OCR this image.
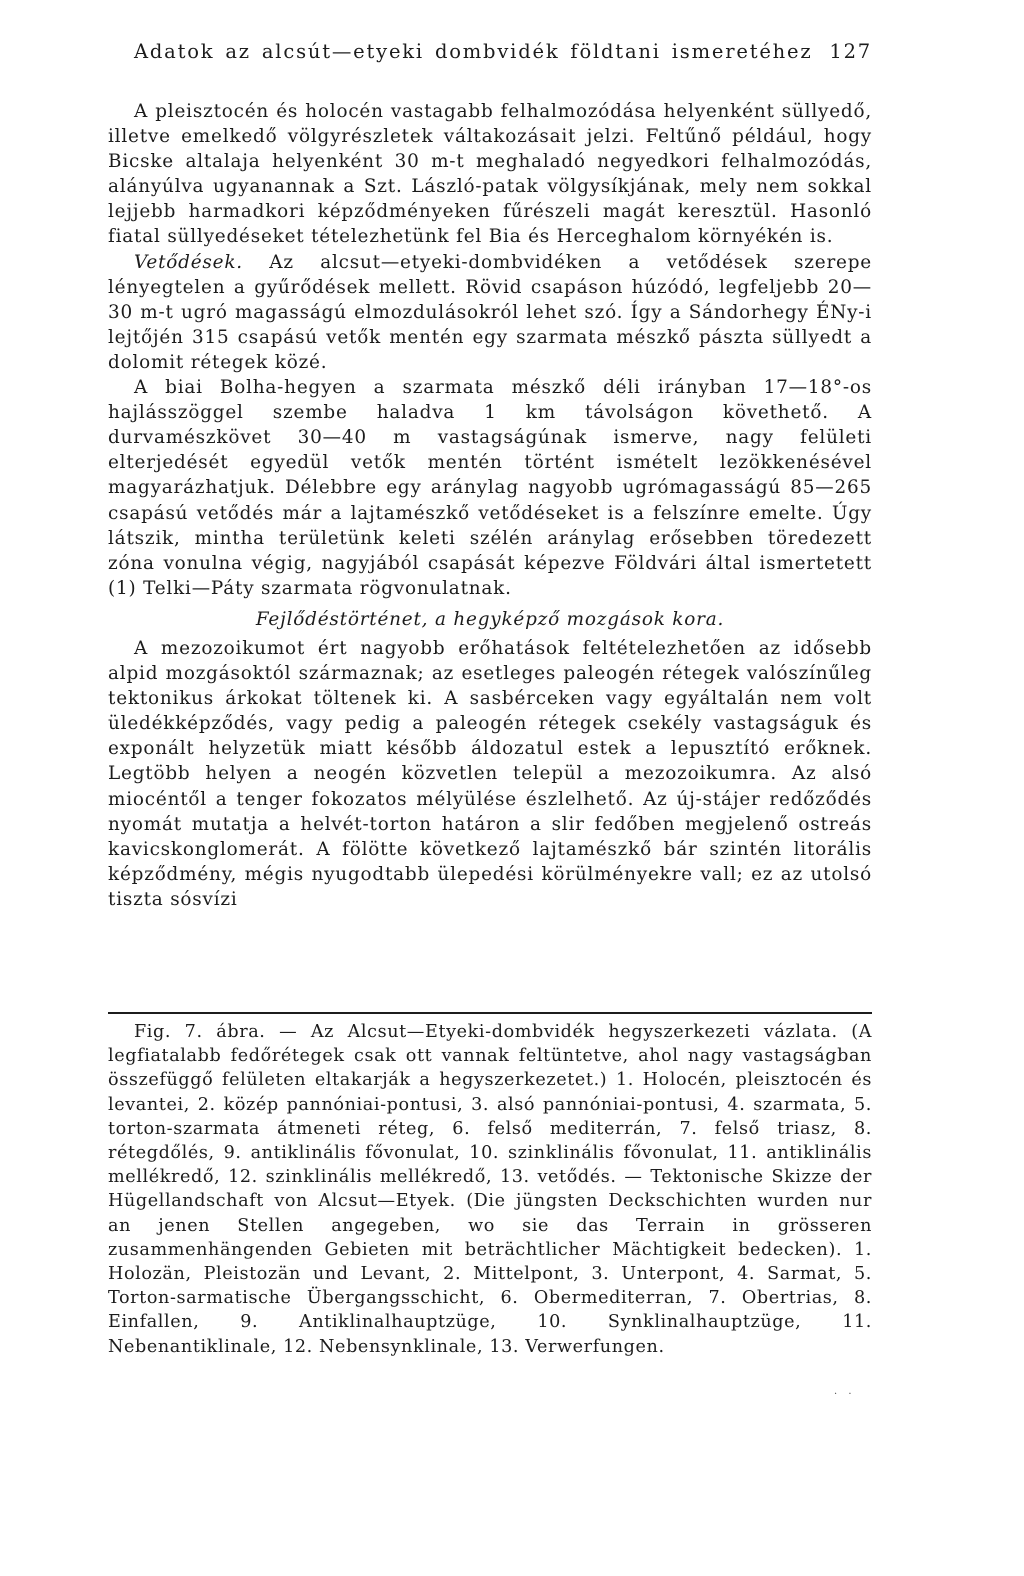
Adatok az alcsút—etyeki dombvidék földtani ismeretéhez 127

A pleisztocén és holocén vastagabb felhalmozódása helyenként süllyedő, illetve emelkedő völgyrészletek váltakozásait jelzi. Feltűnő például, hogy Bicske altalaja helyenként 30 m-t meghaladó negyedkori felhalmozódás, alányúlva ugyanannak a Szt. László-patak völgysíkjának, mely nem sokkal lejjebb harmadkori képződményeken fűrészeli magát keresztül. Hasonló fiatal süllyedéseket tételezhetünk fel Bia és Herceghalom környékén is.

Vetődések. Az alcsut—etyeki-dombvidéken a vetődések szerepe lényegtelen a gyűrődések mellett. Rövid csapáson húzódó, legfeljebb 20—30 m-t ugró magasságú elmozdulásokról lehet szó. Így a Sándorhegy ÉNy-i lejtőjén 315 csapású vetők mentén egy szarmata mészkő pászta süllyedt a dolomit rétegek közé.

A biai Bolha-hegyen a szarmata mészkő déli irányban 17—18°-os hajlásszöggel szembe haladva 1 km távolságon követhető. A durvamészkövet 30—40 m vastagságúnak ismerve, nagy felületi elterjedését egyedül vetők mentén történt ismételt lezökkenésével magyarázhatjuk. Délebbre egy aránylag nagyobb ugrómagasságú 85—265 csapású vetődés már a lajtamészkő vetődéseket is a felszínre emelte. Úgy látszik, mintha területünk keleti szélén aránylag erősebben töredezett zóna vonulna végig, nagyjából csapását képezve Földvári által ismertetett (1) Telki—Páty szarmata rögvonulatnak.

Fejlődéstörténet, a hegyképző mozgások kora.

A mezozoikumot ért nagyobb erőhatások feltételezhetően az idősebb alpid mozgásoktól származnak; az esetleges paleogén rétegek valószínűleg tektonikus árkokat töltenek ki. A sasbérceken vagy egyáltalán nem volt üledékképződés, vagy pedig a paleogén rétegek csekély vastagságuk és exponált helyzetük miatt később áldozatul estek a lepusztító erőknek. Legtöbb helyen a neogén közvetlen települ a mezozoikumra. Az alsó miocéntől a tenger fokozatos mélyülése észlelhető. Az új-stájer redőződés nyomát mutatja a helvét-torton határon a slir fedőben megjelenő ostreás kavicskonglomerát. A fölötte következő lajtamészkő bár szintén litorális képződmény, mégis nyugodtabb ülepedési körülményekre vall; ez az utolsó tiszta sósvízi

Fig. 7. ábra. — Az Alcsut—Etyeki-dombvidék hegyszerkezeti vázlata. (A legfiatalabb fedőrétegek csak ott vannak feltüntetve, ahol nagy vastagságban összefüggő felületen eltakarják a hegyszerkezetet.) 1. Holocén, pleisztocén és levantei, 2. közép pannóniai-pontusi, 3. alsó pannóniai-pontusi, 4. szarmata, 5. torton-szarmata átmeneti réteg, 6. felső mediterrán, 7. felső triasz, 8. rétegdőlés, 9. antiklinális fővonulat, 10. szinklinális fővonulat, 11. antiklinális mellékredő, 12. szinklinális mellékredő, 13. vetődés. — Tektonische Skizze der Hügellandschaft von Alcsut—Etyek. (Die jüngsten Deckschichten wurden nur an jenen Stellen angegeben, wo sie das Terrain in grösseren zusammenhängenden Gebieten mit beträchtlicher Mächtigkeit bedecken). 1. Holozän, Pleistozän und Levant, 2. Mittelpont, 3. Unterpont, 4. Sarmat, 5. Torton-sarmatische Übergangsschicht, 6. Obermediterran, 7. Obertrias, 8. Einfallen, 9. Antiklinalhauptzüge, 10. Synklinalhauptzüge, 11. Nebenantiklinale, 12. Nebensynklinale, 13. Verwerfungen.

· ·
